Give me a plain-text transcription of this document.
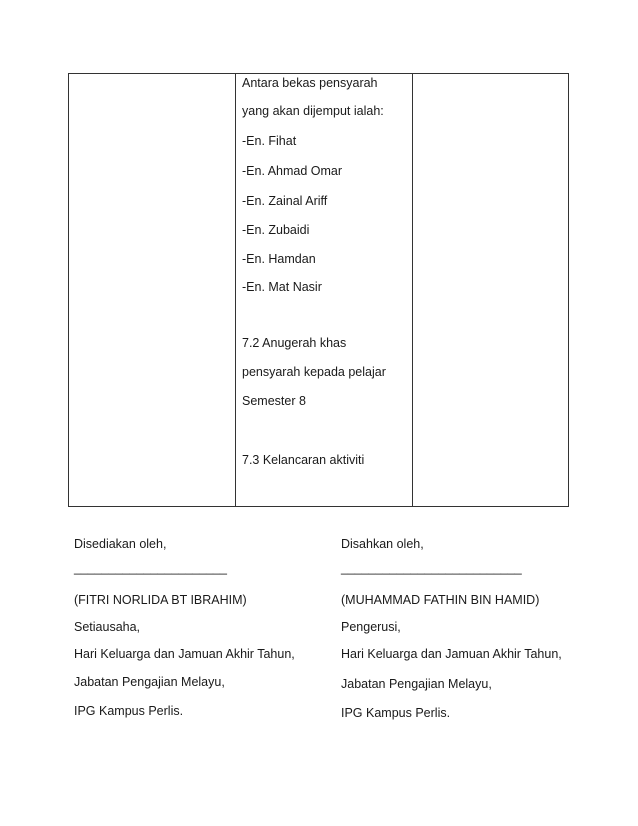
Antara bekas pensyarah
yang akan dijemput ialah:
-En. Fihat
-En. Ahmad Omar
-En. Zainal Ariff
-En. Zubaidi
-En. Hamdan
-En. Mat Nasir
7.2 Anugerah khas
pensyarah kepada pelajar
Semester 8
7.3 Kelancaran aktiviti
Disediakan oleh,
______________________
(FITRI NORLIDA BT IBRAHIM)
Setiausaha,
Hari Keluarga dan Jamuan Akhir Tahun,
Jabatan Pengajian Melayu,
IPG Kampus Perlis.
Disahkan oleh,
__________________________
(MUHAMMAD FATHIN BIN HAMID)
Pengerusi,
Hari Keluarga dan Jamuan Akhir Tahun,
Jabatan Pengajian Melayu,
IPG Kampus Perlis.
